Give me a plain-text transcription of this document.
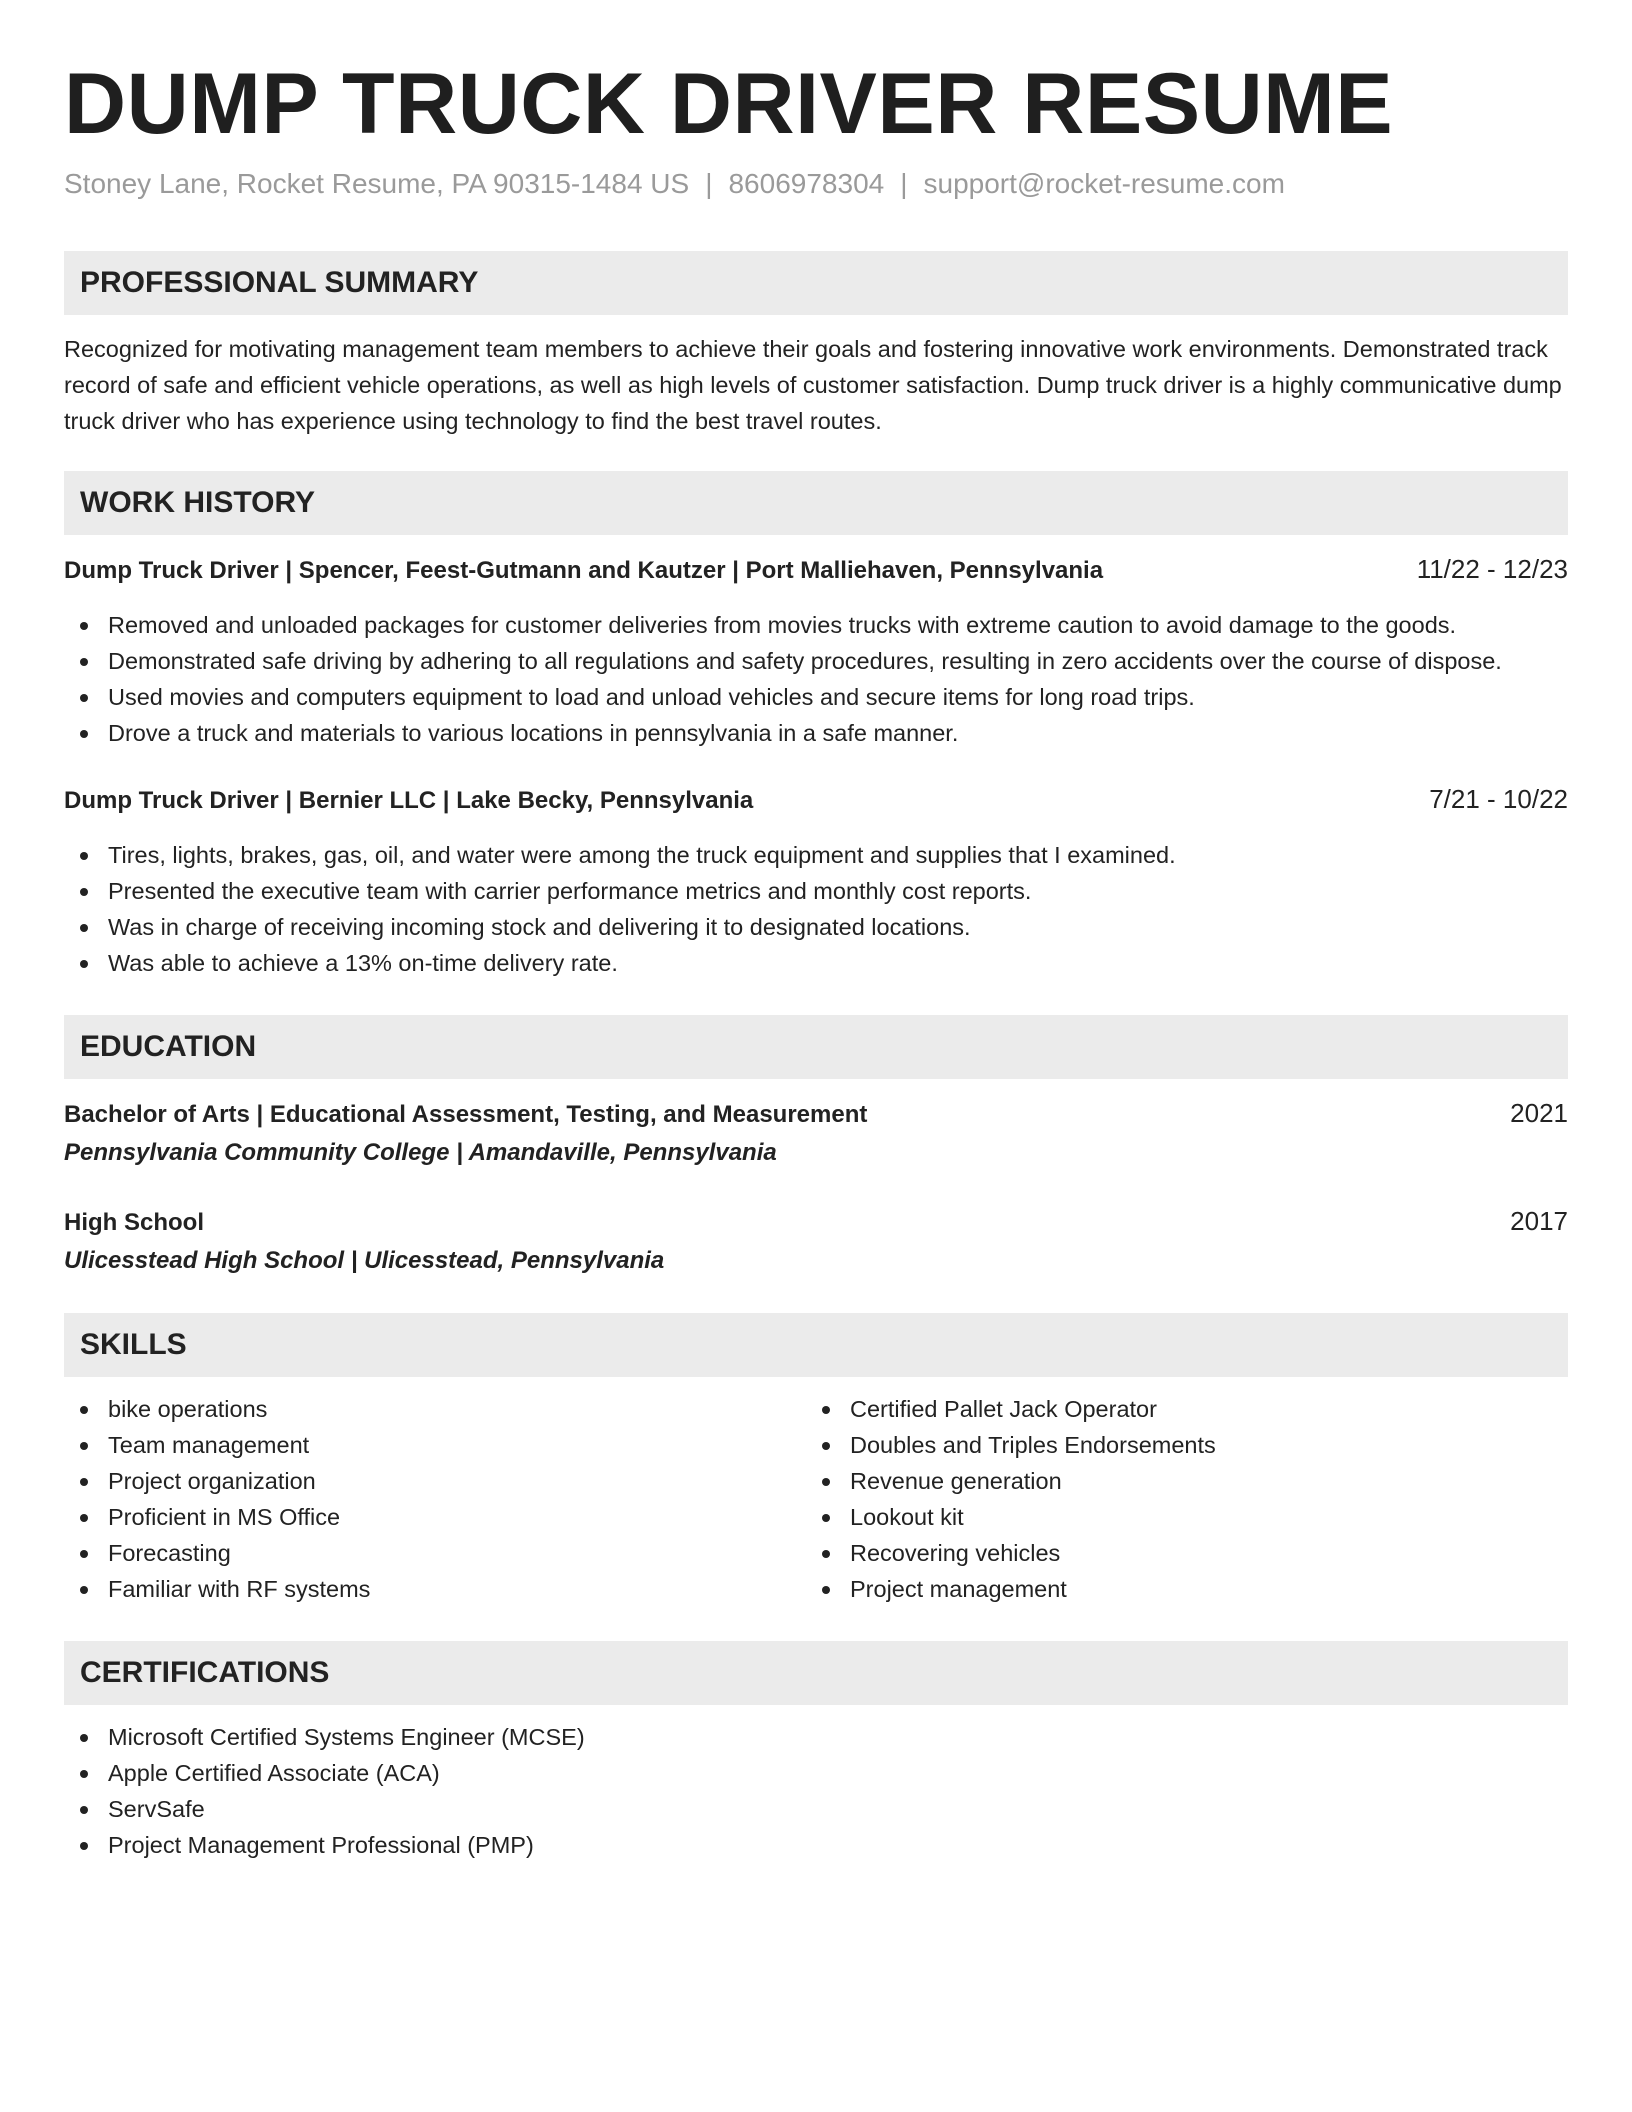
DUMP TRUCK DRIVER RESUME
Stoney Lane, Rocket Resume, PA 90315-1484 US | 8606978304 | support@rocket-resume.com
PROFESSIONAL SUMMARY

Recognized for motivating management team members to achieve their goals and fostering innovative work environments. Demonstrated track record of safe and efficient vehicle operations, as well as high levels of customer satisfaction. Dump truck driver is a highly communicative dump truck driver who has experience using technology to find the best travel routes.

WORK HISTORY
Dump Truck Driver | Spencer, Feest-Gutmann and Kautzer | Port Malliehaven, Pennsylvania	11/22 - 12/23
Removed and unloaded packages for customer deliveries from movies trucks with extreme caution to avoid damage to the goods.
Demonstrated safe driving by adhering to all regulations and safety procedures, resulting in zero accidents over the course of dispose.
Used movies and computers equipment to load and unload vehicles and secure items for long road trips.
Drove a truck and materials to various locations in pennsylvania in a safe manner.
Dump Truck Driver | Bernier LLC | Lake Becky, Pennsylvania	7/21 - 10/22
Tires, lights, brakes, gas, oil, and water were among the truck equipment and supplies that I examined.
Presented the executive team with carrier performance metrics and monthly cost reports.
Was in charge of receiving incoming stock and delivering it to designated locations.
Was able to achieve a 13% on-time delivery rate.
EDUCATION
Bachelor of Arts | Educational Assessment, Testing, and Measurement	2021
Pennsylvania Community College | Amandaville, Pennsylvania
High School	2017
Ulicesstead High School | Ulicesstead, Pennsylvania
SKILLS
bike operations
Team management
Project organization
Proficient in MS Office
Forecasting
Familiar with RF systems
Certified Pallet Jack Operator
Doubles and Triples Endorsements
Revenue generation
Lookout kit
Recovering vehicles
Project management
CERTIFICATIONS
Microsoft Certified Systems Engineer (MCSE)
Apple Certified Associate (ACA)
ServSafe
Project Management Professional (PMP)
